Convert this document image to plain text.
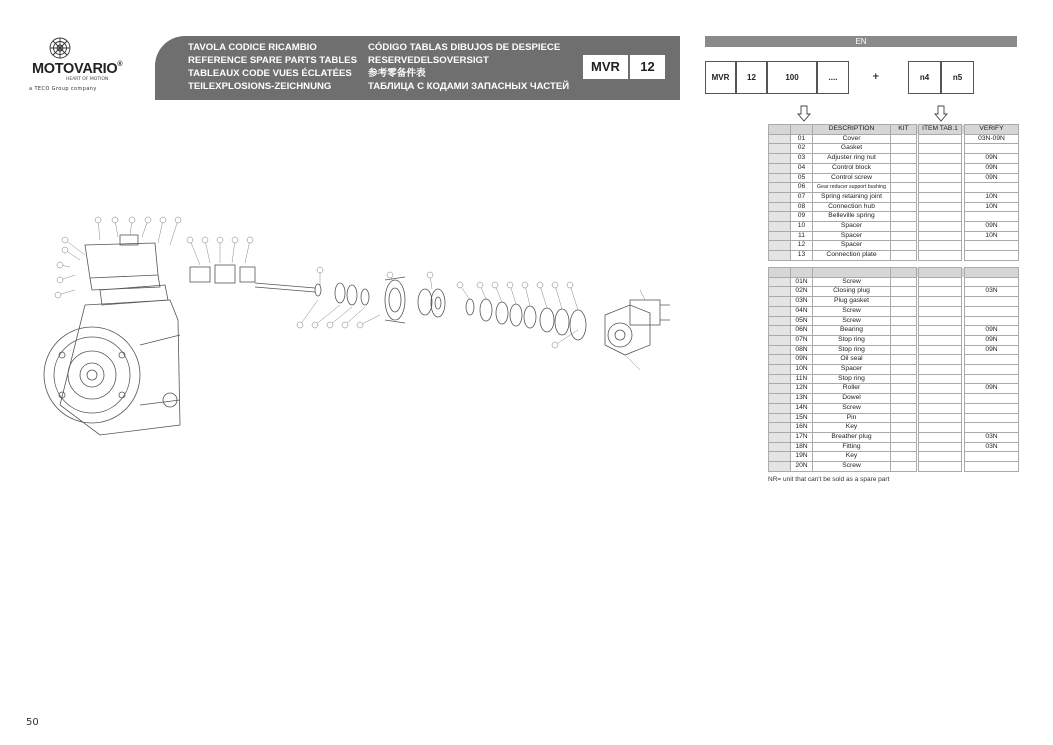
MOTOVARIO®
HEART OF MOTION
a TECO Group company
TAVOLA CODICE RICAMBIO
REFERENCE SPARE PARTS TABLES
TABLEAUX CODE VUES ÉCLATÉES
TEILEXPLOSIONS-ZEICHNUNG
CÓDIGO TABLAS DIBUJOS DE DESPIECE
RESERVEDELSOVERSIGT
参考零备件表
ТАБЛИЦА С КОДАМИ ЗАПАСНЫХ ЧАСТЕЙ
MVR	12
EN
MVR	12	100	....	+	n4	n5
		DESCRIPTION	KIT		ITEM TAB.1		VERIFY
	01	Cover					03N-09N
	02	Gasket					
	03	Adjuster ring nut					09N
	04	Control block					09N
	05	Control screw					09N
	06	Gear reducer support bushing					
	07	Spring retaining joint					10N
	08	Connection hub					10N
	09	Belleville spring					
	10	Spacer					09N
	11	Spacer					10N
	12	Spacer					
	13	Connection plate					

	01N	Screw					
	02N	Closing plug					03N
	03N	Plug gasket					
	04N	Screw					
	05N	Screw					
	06N	Bearing					09N
	07N	Stop ring					09N
	08N	Stop ring					09N
	09N	Oil seal					
	10N	Spacer					
	11N	Stop ring					
	12N	Roller					09N
	13N	Dowel					
	14N	Screw					
	15N	Pin					
	16N	Key					
	17N	Breather plug					03N
	18N	Fitting					03N
	19N	Key					
	20N	Screw					
NR= unit that can't be sold as a spare part
50
